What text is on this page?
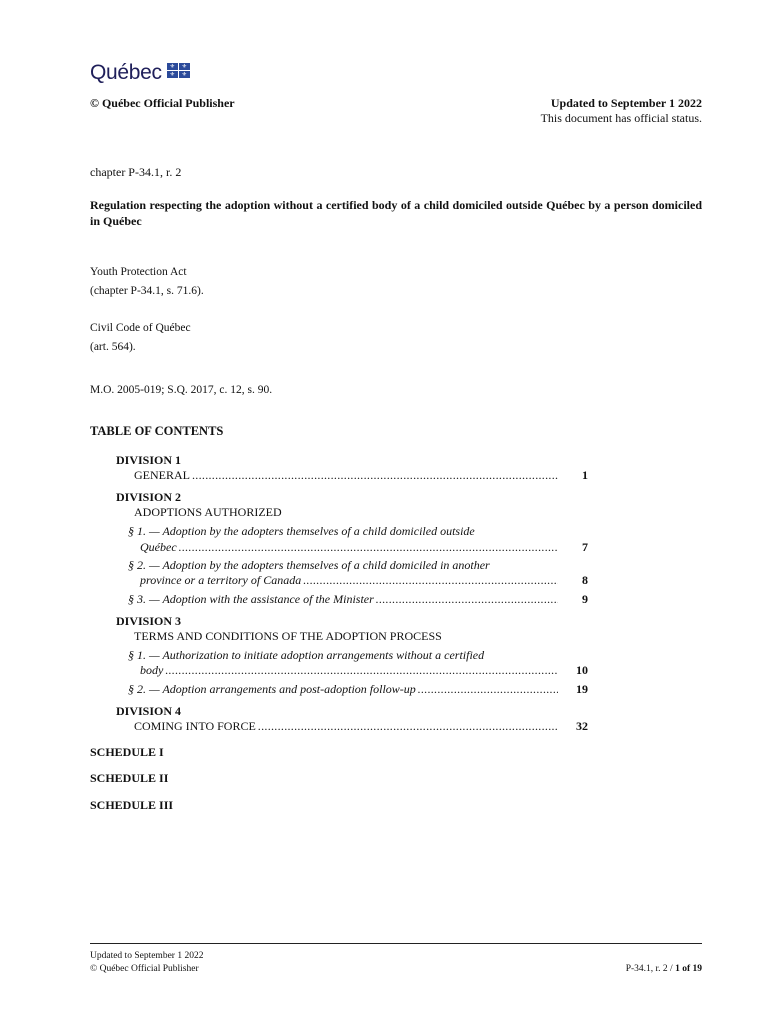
Québec	⚜	⚜
⚜	⚜
© Québec Official Publisher	Updated to September 1 2022
This document has official status.
chapter P-34.1, r. 2
Regulation respecting the adoption without a certified body of a child domiciled outside Québec by a person domiciled in Québec
Youth Protection Act
(chapter P-34.1, s. 71.6).
Civil Code of Québec
(art. 564).
M.O. 2005-019; S.Q. 2017, c. 12, s. 90.
TABLE OF CONTENTS
DIVISION 1
GENERAL .....	1
DIVISION 2
ADOPTIONS AUTHORIZED
§ 1. — Adoption by the adopters themselves of a child domiciled outside
Québec .....	7
§ 2. — Adoption by the adopters themselves of a child domiciled in another
province or a territory of Canada .....	8
§ 3. — Adoption with the assistance of the Minister .....	9
DIVISION 3
TERMS AND CONDITIONS OF THE ADOPTION PROCESS
§ 1. — Authorization to initiate adoption arrangements without a certified
body .....	10
§ 2. — Adoption arrangements and post-adoption follow-up .....	19
DIVISION 4
COMING INTO FORCE .....	32
SCHEDULE I
SCHEDULE II
SCHEDULE III
Updated to September 1 2022
© Québec Official Publisher	P-34.1, r. 2 / 1 of 19
